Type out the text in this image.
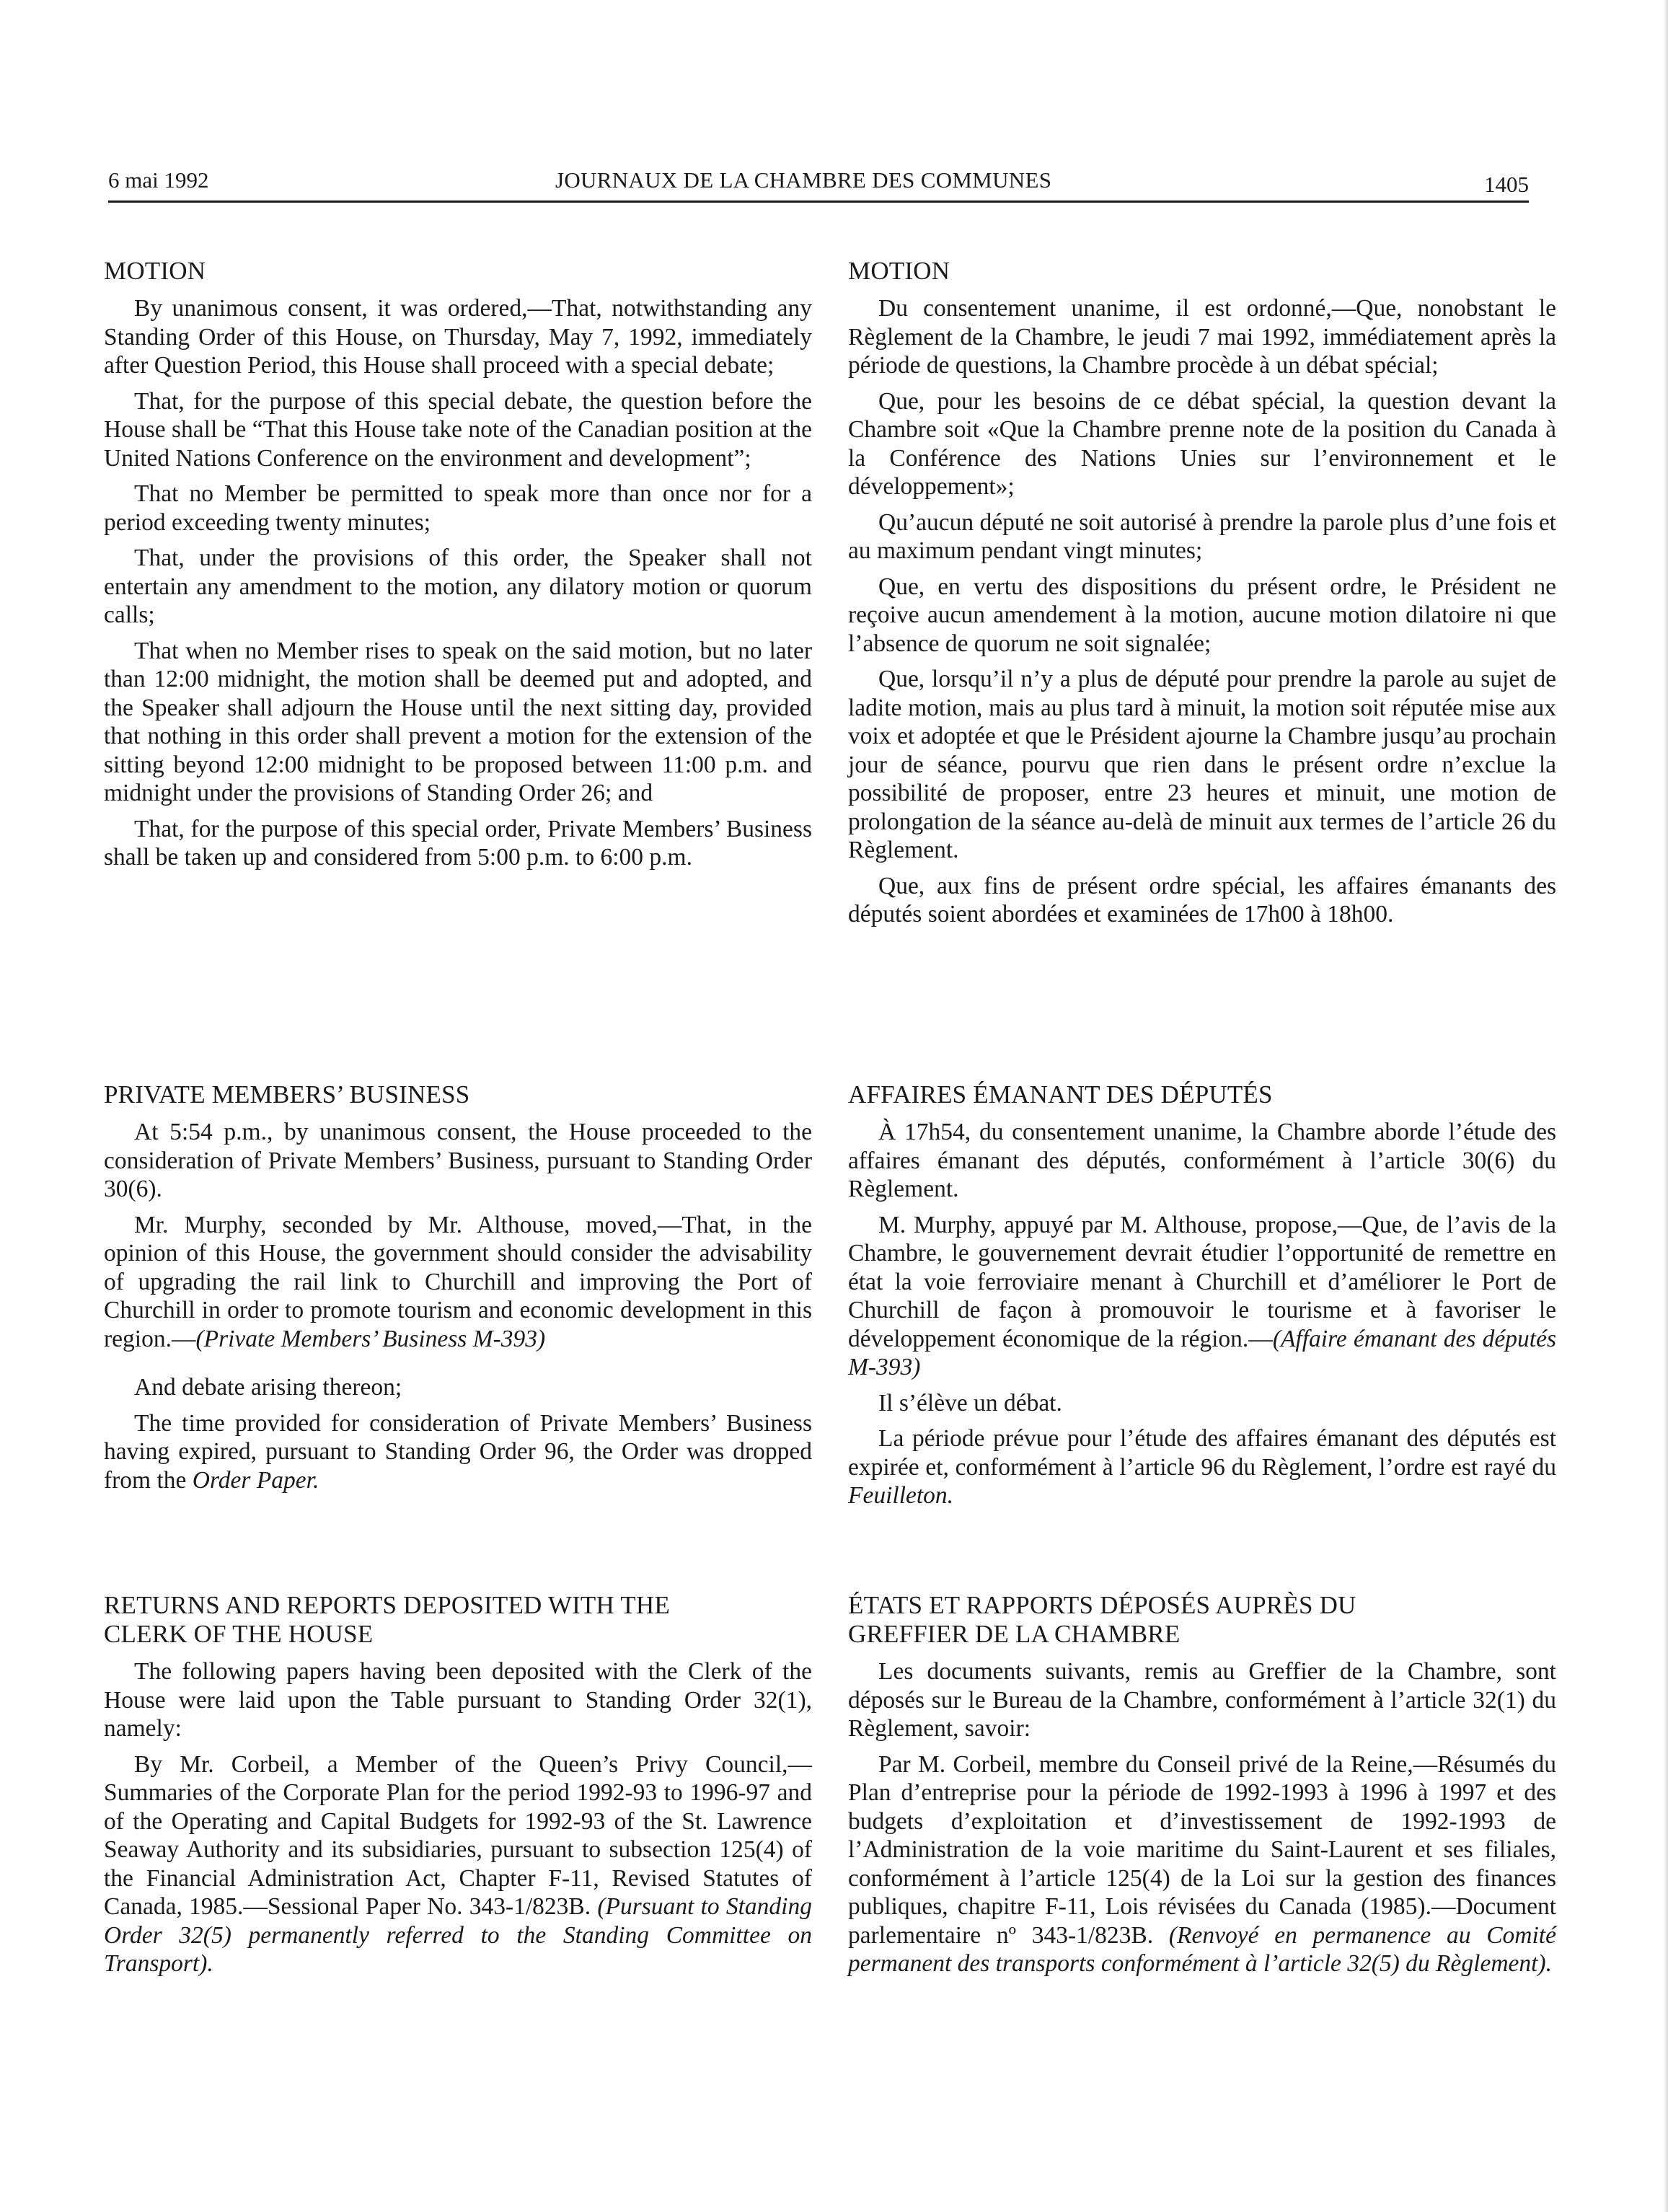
6 mai 1992	JOURNAUX DE LA CHAMBRE DES COMMUNES	1405
MOTION

By unanimous consent, it was ordered,—That, notwithstanding any Standing Order of this House, on Thursday, May 7, 1992, immediately after Question Period, this House shall proceed with a special debate;

That, for the purpose of this special debate, the question before the House shall be “That this House take note of the Canadian position at the United Nations Conference on the environment and development”;

That no Member be permitted to speak more than once nor for a period exceeding twenty minutes;

That, under the provisions of this order, the Speaker shall not entertain any amendment to the motion, any dilatory motion or quorum calls;

That when no Member rises to speak on the said motion, but no later than 12:00 midnight, the motion shall be deemed put and adopted, and the Speaker shall adjourn the House until the next sitting day, provided that nothing in this order shall prevent a motion for the extension of the sitting beyond 12:00 midnight to be proposed between 11:00 p.m. and midnight under the provisions of Standing Order 26; and

That, for the purpose of this special order, Private Members’ Business shall be taken up and considered from 5:00 p.m. to 6:00 p.m.

PRIVATE MEMBERS’ BUSINESS

At 5:54 p.m., by unanimous consent, the House proceeded to the consideration of Private Members’ Business, pursuant to Standing Order 30(6).

Mr. Murphy, seconded by Mr. Althouse, moved,—That, in the opinion of this House, the government should consider the advisability of upgrading the rail link to Churchill and improving the Port of Churchill in order to promote tourism and economic development in this region.—(Private Members’ Business M-393)

And debate arising thereon;

The time provided for consideration of Private Members’ Business having expired, pursuant to Standing Order 96, the Order was dropped from the Order Paper.

RETURNS AND REPORTS DEPOSITED WITH THE
CLERK OF THE HOUSE

The following papers having been deposited with the Clerk of the House were laid upon the Table pursuant to Standing Order 32(1), namely:

By Mr. Corbeil, a Member of the Queen’s Privy Council,—Summaries of the Corporate Plan for the period 1992-93 to 1996-97 and of the Operating and Capital Budgets for 1992-93 of the St. Lawrence Seaway Authority and its subsidiaries, pursuant to subsection 125(4) of the Financial Administration Act, Chapter F-11, Revised Statutes of Canada, 1985.—Sessional Paper No. 343-1/823B. (Pursuant to Standing Order 32(5) permanently referred to the Standing Committee on Transport).

MOTION

Du consentement unanime, il est ordonné,—Que, nonobstant le Règlement de la Chambre, le jeudi 7 mai 1992, immédiatement après la période de questions, la Chambre procède à un débat spécial;

Que, pour les besoins de ce débat spécial, la question devant la Chambre soit «Que la Chambre prenne note de la position du Canada à la Conférence des Nations Unies sur l’environnement et le développement»;

Qu’aucun député ne soit autorisé à prendre la parole plus d’une fois et au maximum pendant vingt minutes;

Que, en vertu des dispositions du présent ordre, le Président ne reçoive aucun amendement à la motion, aucune motion dilatoire ni que l’absence de quorum ne soit signalée;

Que, lorsqu’il n’y a plus de député pour prendre la parole au sujet de ladite motion, mais au plus tard à minuit, la motion soit réputée mise aux voix et adoptée et que le Président ajourne la Chambre jusqu’au prochain jour de séance, pourvu que rien dans le présent ordre n’exclue la possibilité de proposer, entre 23 heures et minuit, une motion de prolongation de la séance au-delà de minuit aux termes de l’article 26 du Règlement.

Que, aux fins de présent ordre spécial, les affaires émanants des députés soient abordées et examinées de 17h00 à 18h00.

AFFAIRES ÉMANANT DES DÉPUTÉS

À 17h54, du consentement unanime, la Chambre aborde l’étude des affaires émanant des députés, conformément à l’article 30(6) du Règlement.

M. Murphy, appuyé par M. Althouse, propose,—Que, de l’avis de la Chambre, le gouvernement devrait étudier l’opportunité de remettre en état la voie ferroviaire menant à Churchill et d’améliorer le Port de Churchill de façon à promouvoir le tourisme et à favoriser le développement économique de la région.—(Affaire émanant des députés M-393)

Il s’élève un débat.

La période prévue pour l’étude des affaires émanant des députés est expirée et, conformément à l’article 96 du Règlement, l’ordre est rayé du Feuilleton.

ÉTATS ET RAPPORTS DÉPOSÉS AUPRÈS DU
GREFFIER DE LA CHAMBRE

Les documents suivants, remis au Greffier de la Chambre, sont déposés sur le Bureau de la Chambre, conformément à l’article 32(1) du Règlement, savoir:

Par M. Corbeil, membre du Conseil privé de la Reine,—Résumés du Plan d’entreprise pour la période de 1992-1993 à 1996 à 1997 et des budgets d’exploitation et d’investissement de 1992-1993 de l’Administration de la voie maritime du Saint-Laurent et ses filiales, conformément à l’article 125(4) de la Loi sur la gestion des finances publiques, chapitre F-11, Lois révisées du Canada (1985).—Document parlementaire nº 343-1/823B. (Renvoyé en permanence au Comité permanent des transports conformément à l’article 32(5) du Règlement).
